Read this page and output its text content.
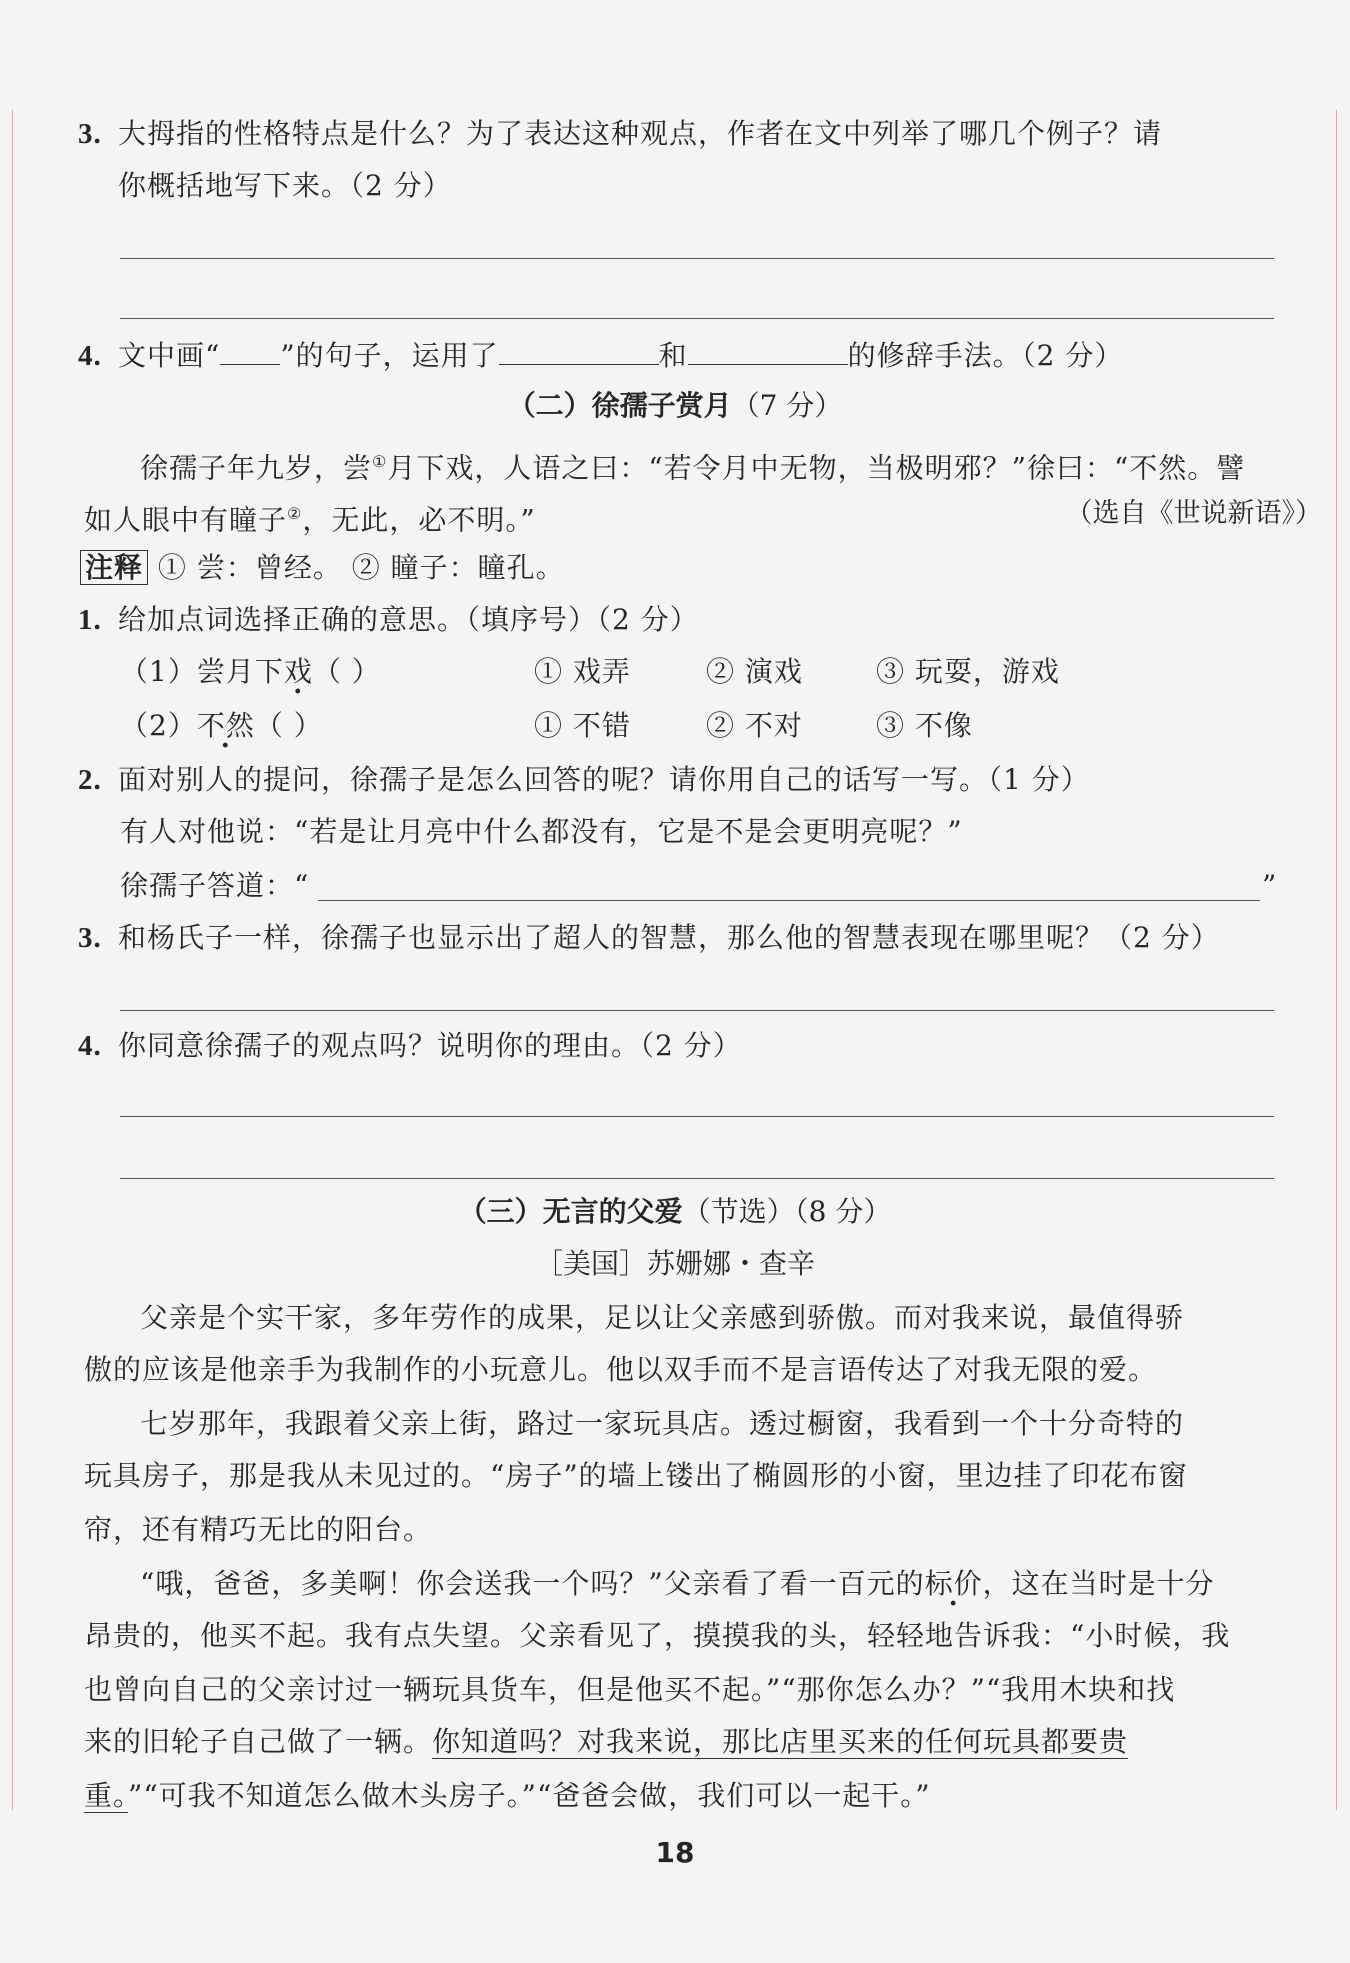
3. 大拇指的性格特点是什么？为了表达这种观点，作者在文中列举了哪几个例子？请
你概括地写下来。（2 分）
4. 文中画“ ”的句子，运用了	和	的修辞手法。（2 分）
（二）徐孺子赏月（7 分）
徐孺子年九岁，尝①月下戏，人语之曰：“若令月中无物，当极明邪？”徐曰：“不然。譬
如人眼中有瞳子②，无此，必不明。”	（选自《世说新语》）
注释 ① 尝：曾经。 ② 瞳子：瞳孔。
1. 给加点词选择正确的意思。（填序号）（2 分）
（1）尝月下戏（ ）	① 戏弄	② 演戏	③ 玩耍，游戏
（2）不然（ ）	① 不错	② 不对	③ 不像
2. 面对别人的提问，徐孺子是怎么回答的呢？请你用自己的话写一写。（1 分）
有人对他说：“若是让月亮中什么都没有，它是不是会更明亮呢？”
徐孺子答道：“	”
3. 和杨氏子一样，徐孺子也显示出了超人的智慧，那么他的智慧表现在哪里呢？（2 分）
4. 你同意徐孺子的观点吗？说明你的理由。（2 分）
（三）无言的父爱（节选）（8 分）
［美国］苏姗娜・查辛
父亲是个实干家，多年劳作的成果，足以让父亲感到骄傲。而对我来说，最值得骄
傲的应该是他亲手为我制作的小玩意儿。他以双手而不是言语传达了对我无限的爱。
七岁那年，我跟着父亲上街，路过一家玩具店。透过橱窗，我看到一个十分奇特的
玩具房子，那是我从未见过的。“房子”的墙上镂出了椭圆形的小窗，里边挂了印花布窗
帘，还有精巧无比的阳台。
“哦，爸爸，多美啊！你会送我一个吗？”父亲看了看一百元的标价，这在当时是十分
昂贵的，他买不起。我有点失望。父亲看见了，摸摸我的头，轻轻地告诉我：“小时候，我
也曾向自己的父亲讨过一辆玩具货车，但是他买不起。”“那你怎么办？”“我用木块和找
来的旧轮子自己做了一辆。你知道吗？对我来说，那比店里买来的任何玩具都要贵
重。”“可我不知道怎么做木头房子。”“爸爸会做，我们可以一起干。”
18
